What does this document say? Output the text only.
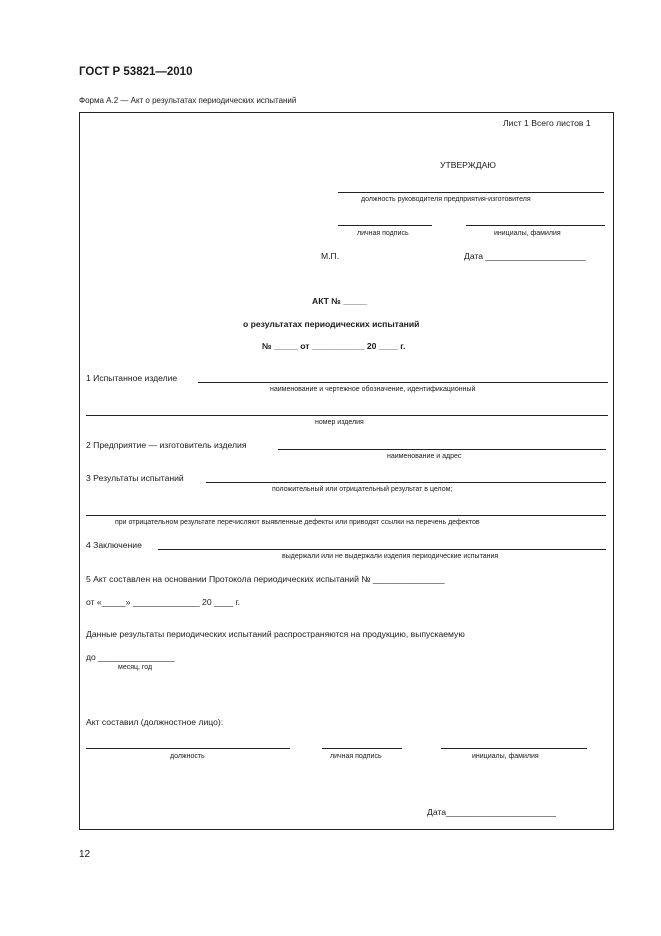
ГОСТ Р 53821—2010
Форма А.2 — Акт о результатах периодических испытаний
Лист 1 Всего листов 1
УТВЕРЖДАЮ
должность руководителя предприятия-изготовителя
личная подпись	инициалы, фамилия
М.П.	Дата _____________________
АКТ № _____
о результатах периодических испытаний
№ _____ от ___________ 20 ____ г.
1 Испытанное изделие
наименование и чертежное обозначение, идентификационный
номер изделия
2 Предприятие — изготовитель изделия
наименование и адрес
3 Результаты испытаний
положительный или отрицательный результат в целом;
при отрицательном результате перечисляют выявленные дефекты или приводят ссылки на перечень дефектов
4 Заключение
выдержали или не выдержали изделия периодические испытания
5 Акт составлен на основании Протокола периодических испытаний № _______________
от «_____» ______________ 20 ____ г.
Данные результаты периодических испытаний распространяются на продукцию, выпускаемую
до ________________
месяц, год
Акт составил (должностное лицо):
должность	личная подпись	инициалы, фамилия
Дата_______________________
12
